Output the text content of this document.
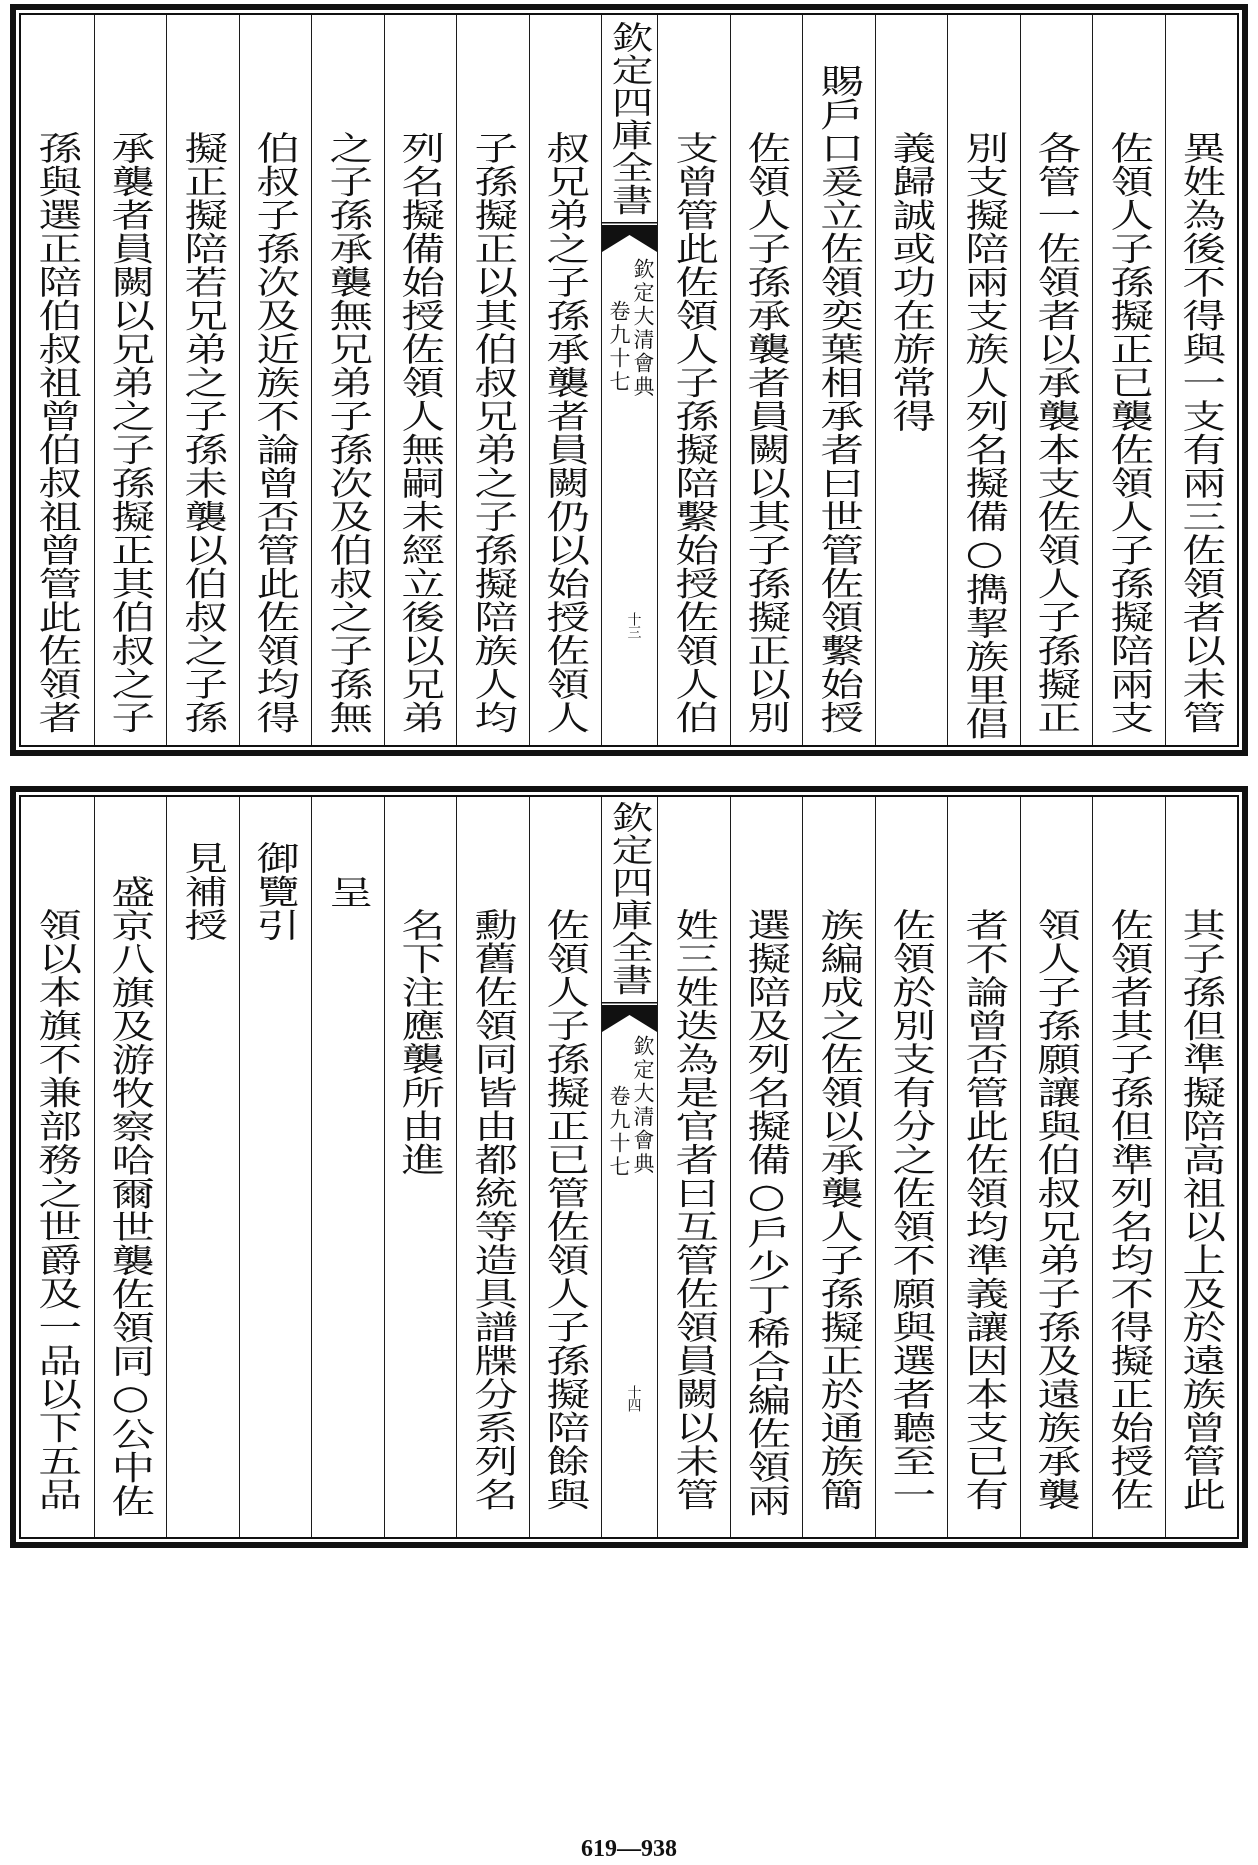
異姓為後不得與一支有兩三佐領者以未管
佐領人子孫擬正已襲佐領人子孫擬陪兩支
各管一佐領者以承襲本支佐領人子孫擬正
別支擬陪兩支族人列名擬備○擕挈族里倡
義歸誠或功在旂常得
賜戶口爰立佐領奕葉相承者曰世管佐領繫始授
佐領人子孫承襲者員闕以其子孫擬正以別
支曾管此佐領人子孫擬陪繫始授佐領人伯
欽定四庫全書
欽定大清會典
卷九十七
十三
叔兄弟之子孫承襲者員闕仍以始授佐領人
子孫擬正以其伯叔兄弟之子孫擬陪族人均
列名擬備始授佐領人無嗣未經立後以兄弟
之子孫承襲無兄弟子孫次及伯叔之子孫無
伯叔子孫次及近族不論曾否管此佐領均得
擬正擬陪若兄弟之子孫未襲以伯叔之子孫
承襲者員闕以兄弟之子孫擬正其伯叔之子
孫與選正陪伯叔祖曾伯叔祖曾管此佐領者
其子孫但準擬陪高祖以上及於遠族曾管此
佐領者其子孫但準列名均不得擬正始授佐
領人子孫願讓與伯叔兄弟子孫及遠族承襲
者不論曾否管此佐領均準義讓因本支已有
佐領於別支有分之佐領不願與選者聽至一
族編成之佐領以承襲人子孫擬正於通族簡
選擬陪及列名擬備○戶少丁稀合編佐領兩
姓三姓迭為是官者曰互管佐領員闕以未管
欽定四庫全書
欽定大清會典
卷九十七
十四
佐領人子孫擬正已管佐領人子孫擬陪餘與
勳舊佐領同皆由都統等造具譜牒分系列名
名下注應襲所由進
呈
御覽引
見補授
盛京八旗及游牧察哈爾世襲佐領同○公中佐
領以本旗不兼部務之世爵及一品以下五品
619—938
